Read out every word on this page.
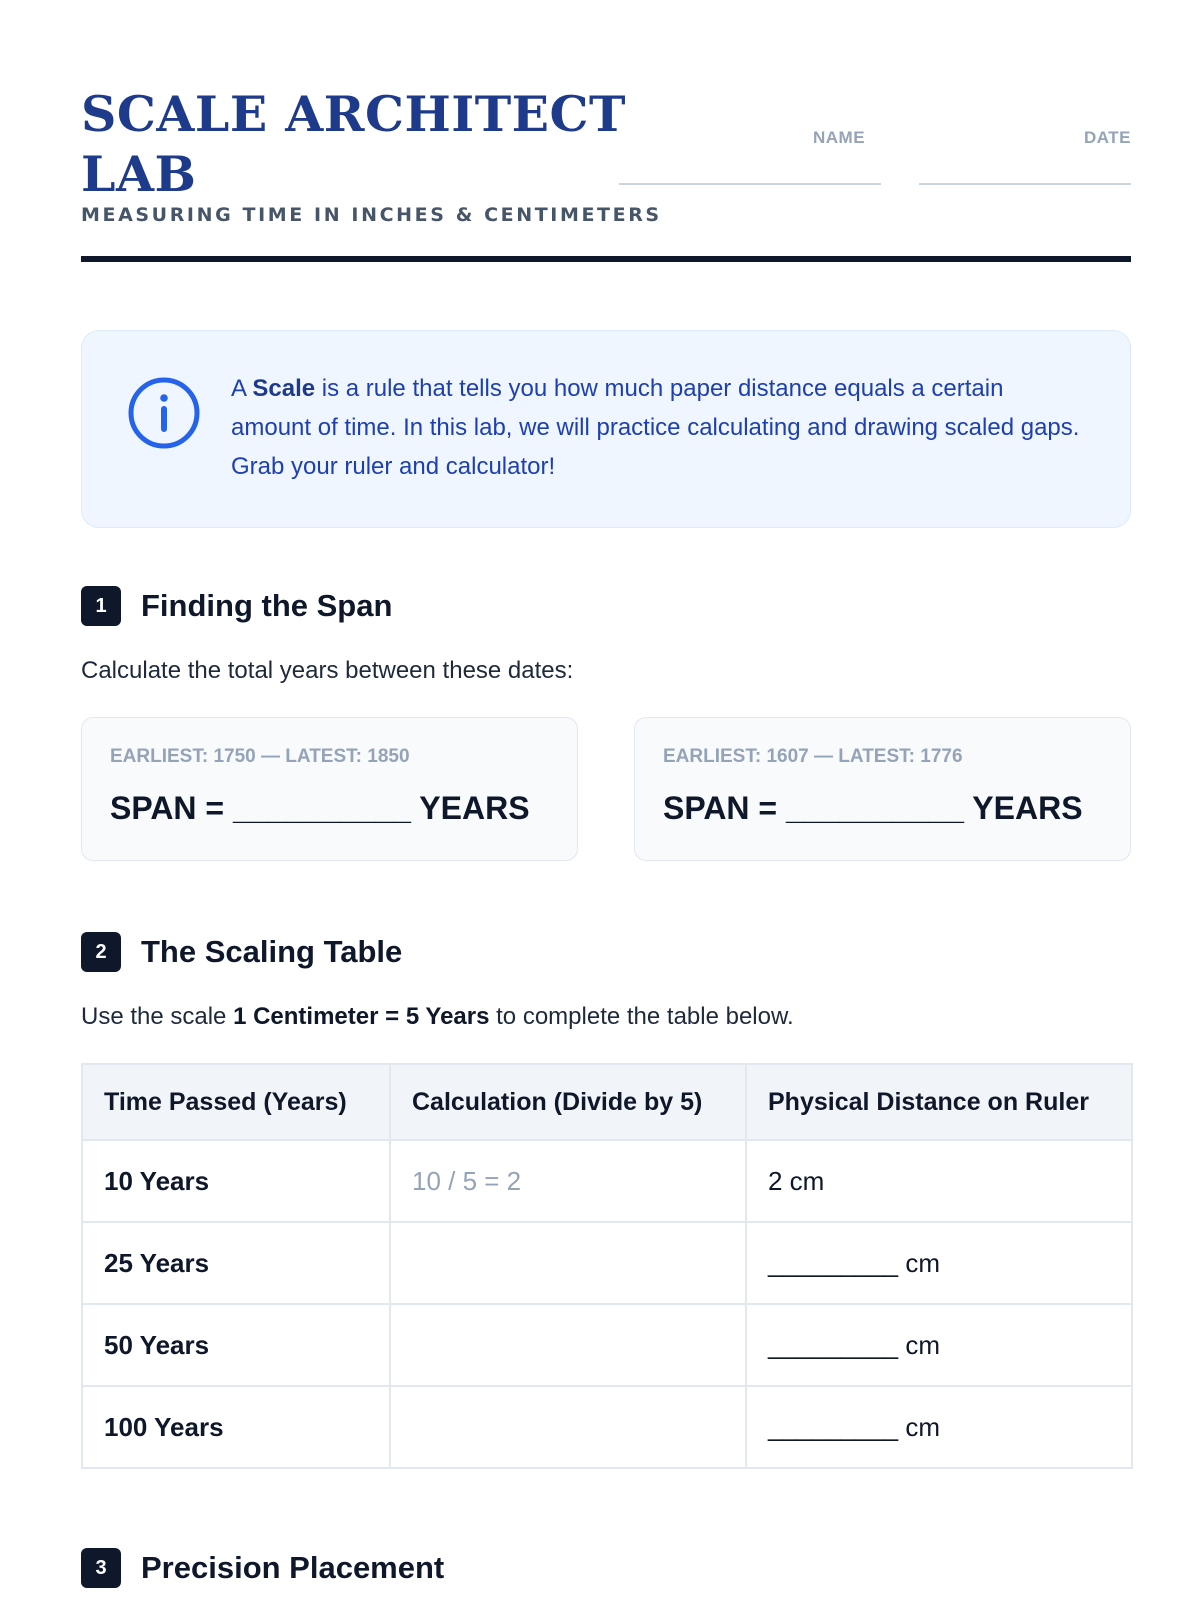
SCALE ARCHITECT LAB
MEASURING TIME IN INCHES & CENTIMETERS
NAME	DATE
A Scale is a rule that tells you how much paper distance equals a certain amount of time. In this lab, we will practice calculating and drawing scaled gaps. Grab your ruler and calculator!
1	Finding the Span
Calculate the total years between these dates:
EARLIEST: 1750 — LATEST: 1850
SPAN = __________ YEARS
EARLIEST: 1607 — LATEST: 1776
SPAN = __________ YEARS
2	The Scaling Table
Use the scale 1 Centimeter = 5 Years to complete the table below.
Time Passed (Years)	Calculation (Divide by 5)	Physical Distance on Ruler
10 Years	10 / 5 = 2	2 cm
25 Years		_________ cm
50 Years		_________ cm
100 Years		_________ cm
3	Precision Placement
